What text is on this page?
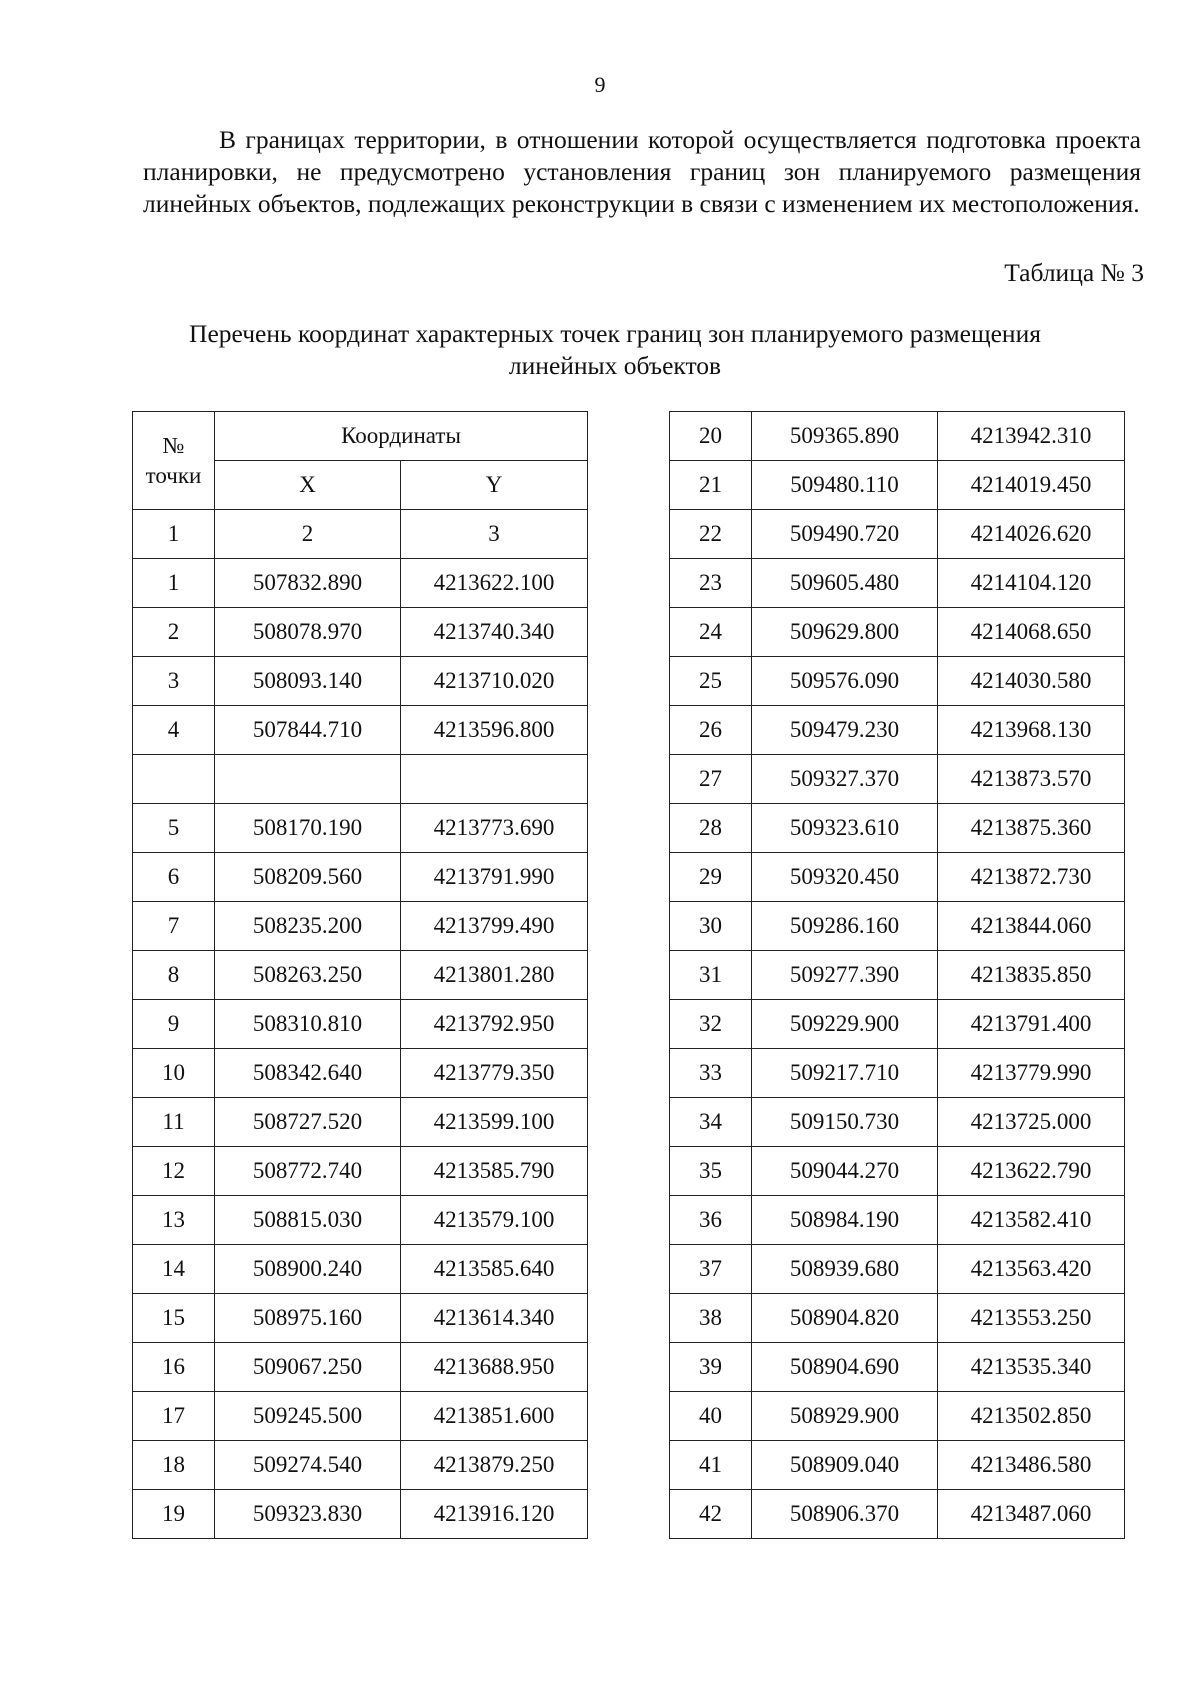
9

В границах территории, в отношении которой осуществляется подготовка проекта планировки, не предусмотрено установления границ зон планируемого размещения линейных объектов, подлежащих реконструкции в связи с изменением их местоположения.

Таблица № 3
Перечень координат характерных точек границ зон планируемого размещения
линейных объектов
№
точки	Координаты	
	X	Y
1	2	3
1	507832.890	4213622.100
2	508078.970	4213740.340
3	508093.140	4213710.020
4	507844.710	4213596.800

5	508170.190	4213773.690
6	508209.560	4213791.990
7	508235.200	4213799.490
8	508263.250	4213801.280
9	508310.810	4213792.950
10	508342.640	4213779.350
11	508727.520	4213599.100
12	508772.740	4213585.790
13	508815.030	4213579.100
14	508900.240	4213585.640
15	508975.160	4213614.340
16	509067.250	4213688.950
17	509245.500	4213851.600
18	509274.540	4213879.250
19	509323.830	4213916.120
20	509365.890	4213942.310
21	509480.110	4214019.450
22	509490.720	4214026.620
23	509605.480	4214104.120
24	509629.800	4214068.650
25	509576.090	4214030.580
26	509479.230	4213968.130
27	509327.370	4213873.570
28	509323.610	4213875.360
29	509320.450	4213872.730
30	509286.160	4213844.060
31	509277.390	4213835.850
32	509229.900	4213791.400
33	509217.710	4213779.990
34	509150.730	4213725.000
35	509044.270	4213622.790
36	508984.190	4213582.410
37	508939.680	4213563.420
38	508904.820	4213553.250
39	508904.690	4213535.340
40	508929.900	4213502.850
41	508909.040	4213486.580
42	508906.370	4213487.060
